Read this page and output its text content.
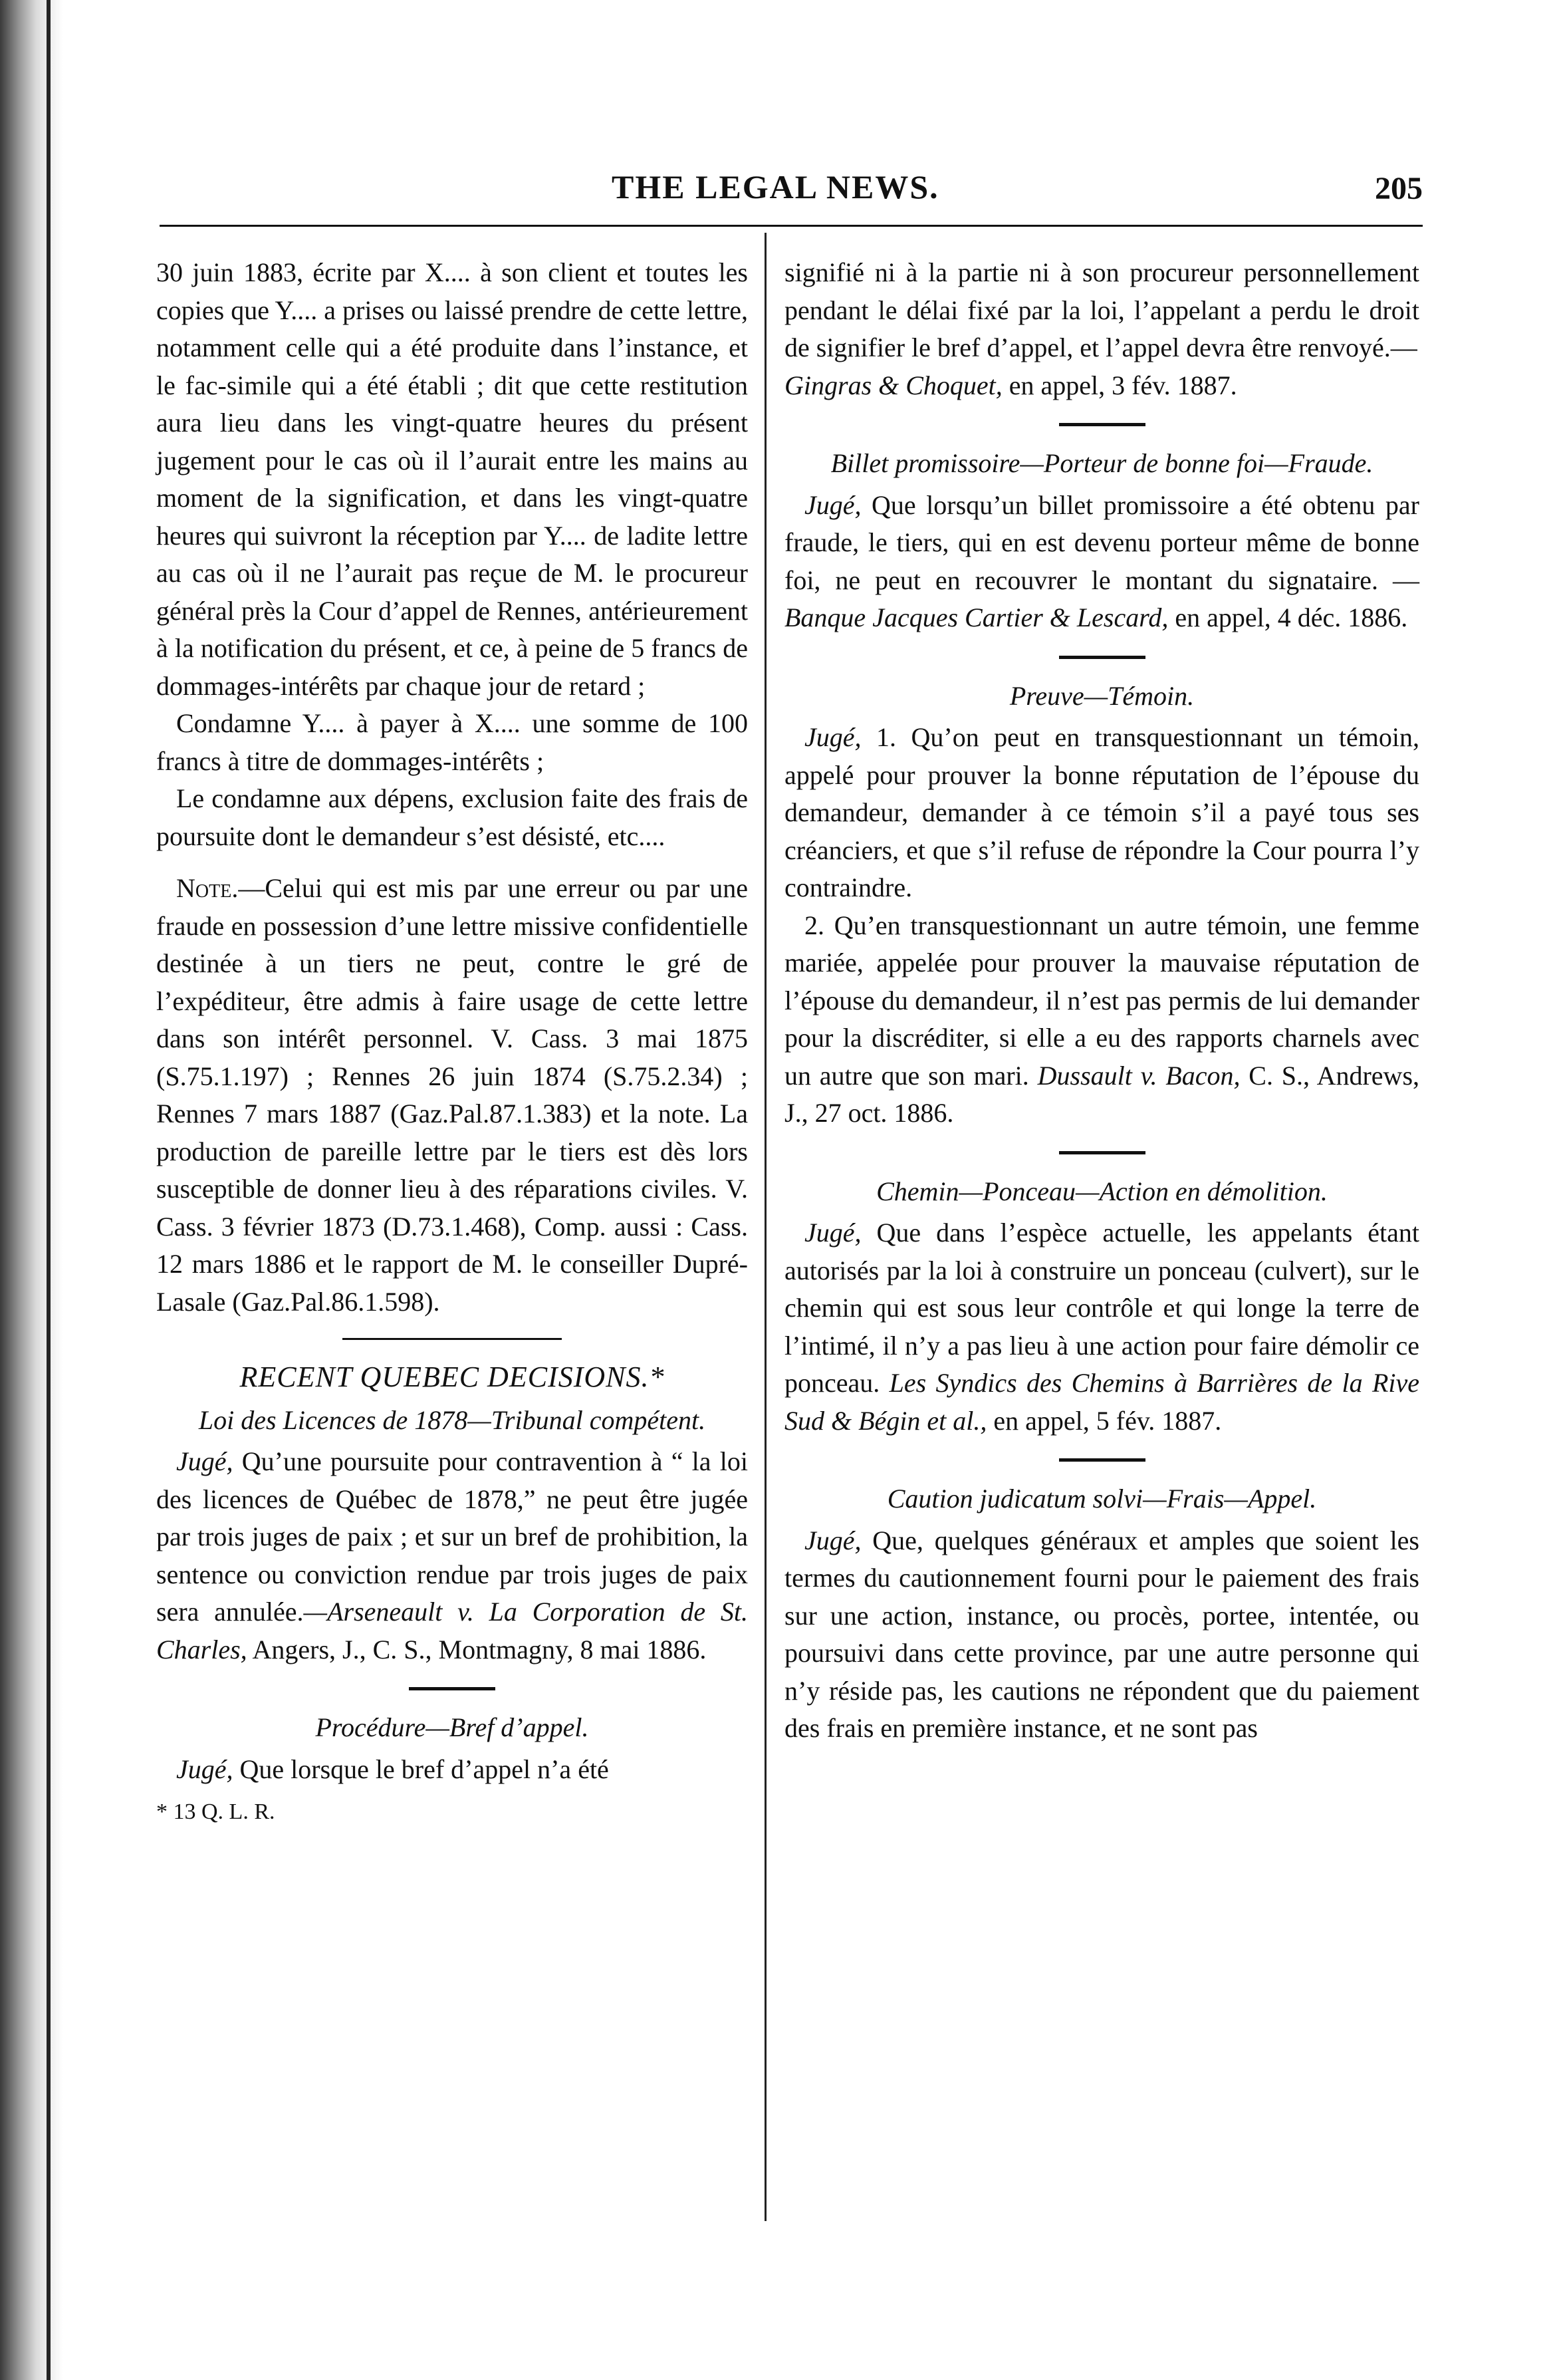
THE LEGAL NEWS.	205

30 juin 1883, écrite par X.... à son client et toutes les copies que Y.... a prises ou laissé prendre de cette lettre, notamment celle qui a été produite dans l’instance, et le fac-simile qui a été établi ; dit que cette restitution aura lieu dans les vingt-quatre heures du présent jugement pour le cas où il l’aurait entre les mains au moment de la signification, et dans les vingt-quatre heures qui suivront la réception par Y.... de ladite lettre au cas où il ne l’aurait pas reçue de M. le procureur général près la Cour d’appel de Rennes, antérieurement à la notification du présent, et ce, à peine de 5 francs de dommages-intérêts par chaque jour de retard ;

Condamne Y.... à payer à X.... une somme de 100 francs à titre de dommages-intérêts ;

Le condamne aux dépens, exclusion faite des frais de poursuite dont le demandeur s’est désisté, etc....

Note.—Celui qui est mis par une erreur ou par une fraude en possession d’une lettre missive confidentielle destinée à un tiers ne peut, contre le gré de l’expéditeur, être admis à faire usage de cette lettre dans son intérêt personnel. V. Cass. 3 mai 1875 (S.75.1.197) ; Rennes 26 juin 1874 (S.75.2.34) ; Rennes 7 mars 1887 (Gaz.Pal.87.1.383) et la note. La production de pareille lettre par le tiers est dès lors susceptible de donner lieu à des réparations civiles. V. Cass. 3 février 1873 (D.73.1.468), Comp. aussi : Cass. 12 mars 1886 et le rapport de M. le conseiller Dupré-Lasale (Gaz.Pal.86.1.598).

RECENT QUEBEC DECISIONS.*
Loi des Licences de 1878—Tribunal compétent.

Jugé, Qu’une poursuite pour contravention à “ la loi des licences de Québec de 1878,” ne peut être jugée par trois juges de paix ; et sur un bref de prohibition, la sentence ou conviction rendue par trois juges de paix sera annulée.—Arseneault v. La Corporation de St. Charles, Angers, J., C. S., Montmagny, 8 mai 1886.

Procédure—Bref d’appel.

Jugé, Que lorsque le bref d’appel n’a été

* 13 Q. L. R.

signifié ni à la partie ni à son procureur personnellement pendant le délai fixé par la loi, l’appelant a perdu le droit de signifier le bref d’appel, et l’appel devra être renvoyé.—
Gingras & Choquet, en appel, 3 fév. 1887.

Billet promissoire—Porteur de bonne foi—Fraude.

Jugé, Que lorsqu’un billet promissoire a été obtenu par fraude, le tiers, qui en est devenu porteur même de bonne foi, ne peut en recouvrer le montant du signataire. — Banque Jacques Cartier & Lescard, en appel, 4 déc. 1886.

Preuve—Témoin.

Jugé, 1. Qu’on peut en transquestionnant un témoin, appelé pour prouver la bonne réputation de l’épouse du demandeur, demander à ce témoin s’il a payé tous ses créanciers, et que s’il refuse de répondre la Cour pourra l’y contraindre.

2. Qu’en transquestionnant un autre témoin, une femme mariée, appelée pour prouver la mauvaise réputation de l’épouse du demandeur, il n’est pas permis de lui demander pour la discréditer, si elle a eu des rapports charnels avec un autre que son mari. Dussault v. Bacon, C. S., Andrews, J., 27 oct. 1886.

Chemin—Ponceau—Action en démolition.

Jugé, Que dans l’espèce actuelle, les appelants étant autorisés par la loi à construire un ponceau (culvert), sur le chemin qui est sous leur contrôle et qui longe la terre de l’intimé, il n’y a pas lieu à une action pour faire démolir ce ponceau. Les Syndics des Chemins à Barrières de la Rive Sud & Bégin et al., en appel, 5 fév. 1887.

Caution judicatum solvi—Frais—Appel.

Jugé, Que, quelques généraux et amples que soient les termes du cautionnement fourni pour le paiement des frais sur une action, instance, ou procès, portee, intentée, ou poursuivi dans cette province, par une autre personne qui n’y réside pas, les cautions ne répondent que du paiement des frais en première instance, et ne sont pas
